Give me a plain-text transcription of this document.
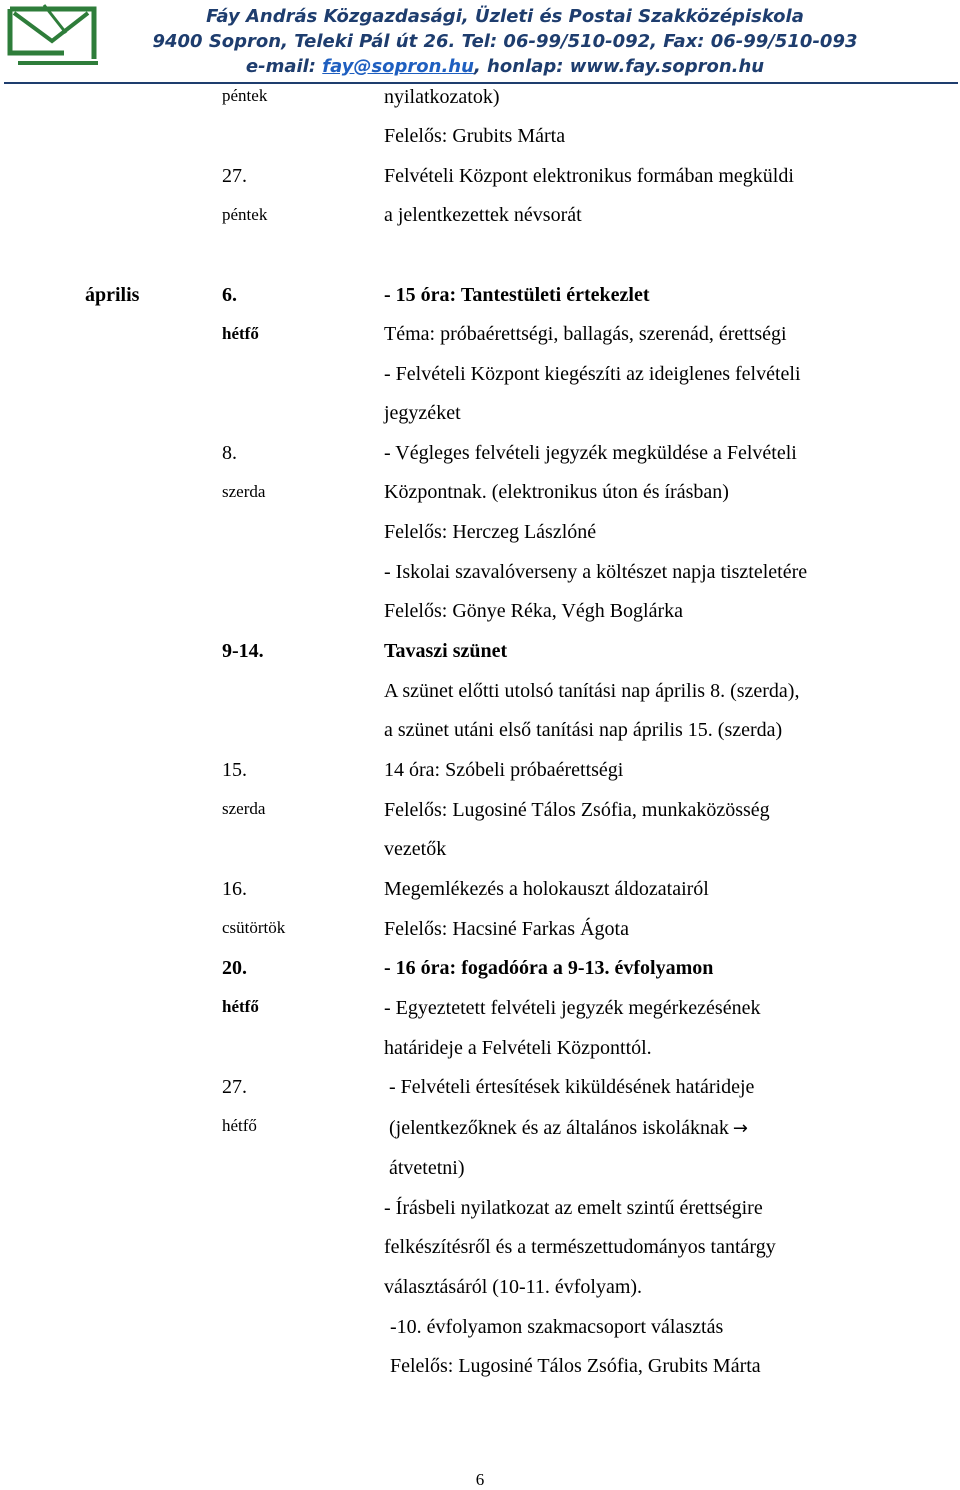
Fáy András Közgazdasági, Üzleti és Postai Szakközépiskola
9400 Sopron, Teleki Pál út 26. Tel: 06-99/510-092, Fax: 06-99/510-093
e-mail: fay@sopron.hu, honlap: www.fay.sopron.hu
péntek	nyilatkozatok)
Felelős: Grubits Márta
27.	Felvételi Központ elektronikus formában megküldi
péntek	a jelentkezettek névsorát
április	6.	- 15 óra: Tantestületi értekezlet
hétfő	Téma: próbaérettségi, ballagás, szerenád, érettségi
- Felvételi Központ kiegészíti az ideiglenes felvételi
jegyzéket
8.	- Végleges felvételi jegyzék megküldése a Felvételi
szerda	Központnak. (elektronikus úton és írásban)
Felelős: Herczeg Lászlóné
- Iskolai szavalóverseny a költészet napja tiszteletére
Felelős: Gönye Réka, Végh Boglárka
9-14.	Tavaszi szünet
A szünet előtti utolsó tanítási nap április 8. (szerda),
a szünet utáni első tanítási nap április 15. (szerda)
15.	14 óra: Szóbeli próbaérettségi
szerda	Felelős: Lugosiné Tálos Zsófia, munkaközösség
vezetők
16.	Megemlékezés a holokauszt áldozatairól
csütörtök	Felelős: Hacsiné Farkas Ágota
20.	- 16 óra: fogadóóra a 9-13. évfolyamon
hétfő	- Egyeztetett felvételi jegyzék megérkezésének
határideje a Felvételi Központtól.
27.	- Felvételi értesítések kiküldésének határideje
hétfő	(jelentkezőknek és az általános iskoláknak →
átvetetni)
- Írásbeli nyilatkozat az emelt szintű érettségire
felkészítésről és a természettudományos tantárgy
választásáról (10-11. évfolyam).
-10. évfolyamon szakmacsoport választás
Felelős: Lugosiné Tálos Zsófia, Grubits Márta
6
